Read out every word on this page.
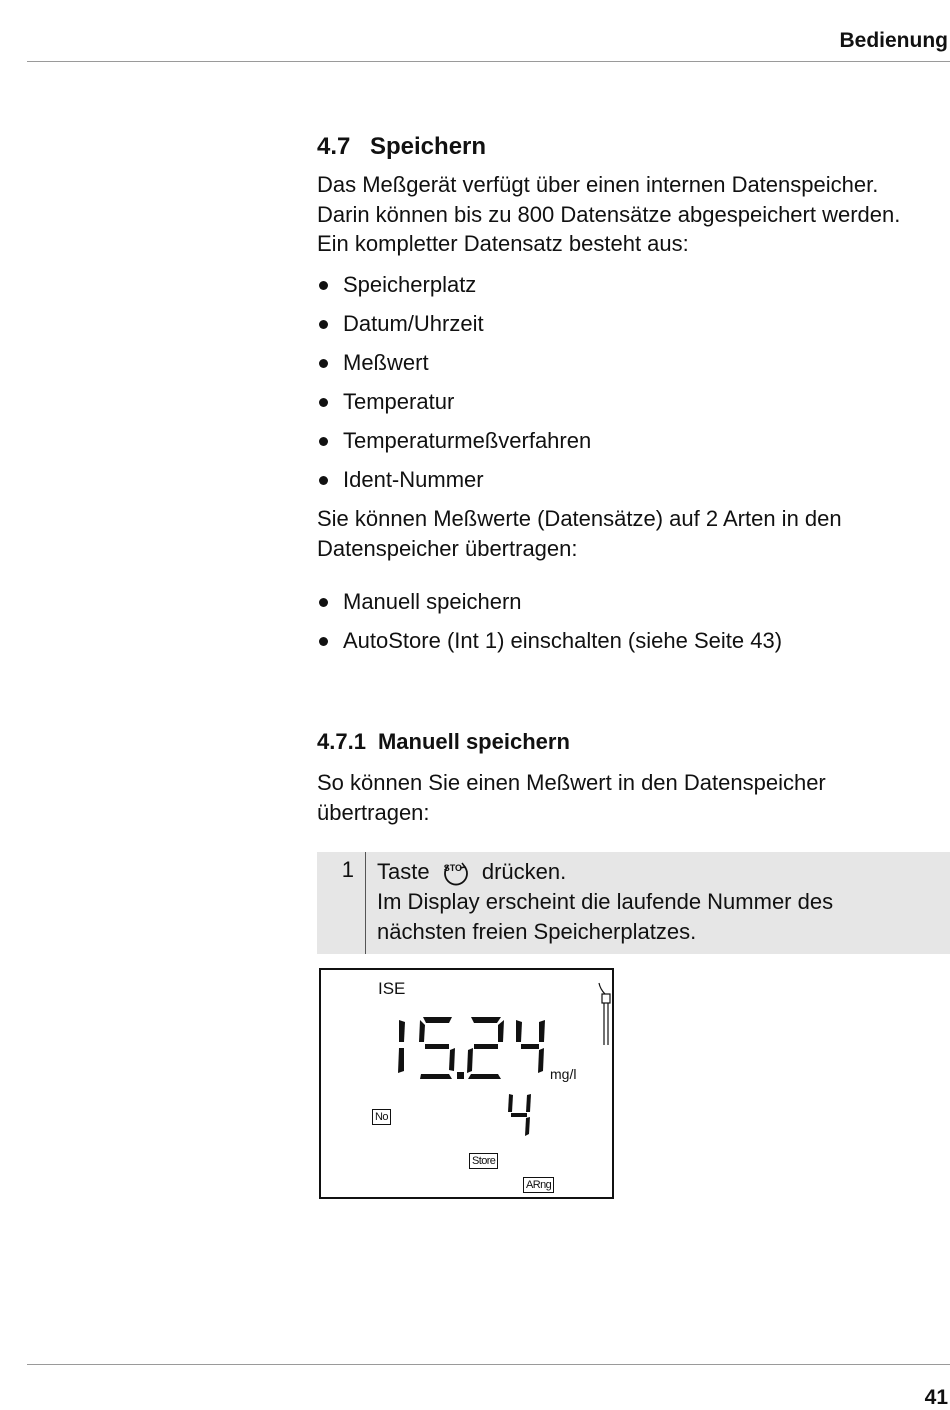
Bedienung
4.7 Speichern

Das Meßgerät verfügt über einen internen Datenspeicher.

Darin können bis zu 800 Datensätze abgespeichert werden.

Ein kompletter Datensatz besteht aus:

Speicherplatz
Datum/Uhrzeit
Meßwert
Temperatur
Temperaturmeßverfahren
Ident-Nummer

Sie können Meßwerte (Datensätze) auf 2 Arten in den

Datenspeicher übertragen:

Manuell speichern
AutoStore (Int 1) einschalten (siehe Seite 43)
4.7.1 Manuell speichern

So können Sie einen Meßwert in den Datenspeicher

übertragen:

1	Taste STO drücken.
Im Display erscheint die laufende Nummer des
nächsten freien Speicherplatzes.
ISE
mg/l
No
Store
ARng
41
